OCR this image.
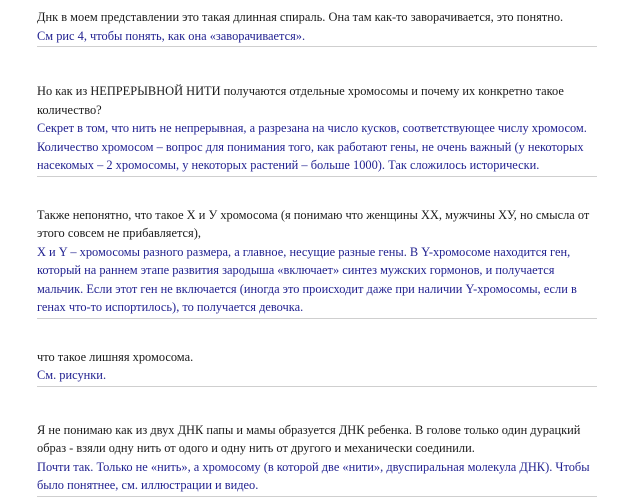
Днк в моем представлении это такая длинная спираль. Она там как-то заворачивается, это понятно.

См рис 4, чтобы понять, как она «заворачивается».

Но как из НЕПРЕРЫВНОЙ НИТИ получаются отдельные хромосомы и почему их конкретно такое количество?

Секрет в том, что нить не непрерывная, а разрезана на число кусков, соответствующее числу хромосом. Количество хромосом – вопрос для понимания того, как работают гены, не очень важный (у некоторых насекомых – 2 хромосомы, у некоторых растений – больше 1000). Так сложилось исторически.

Также непонятно, что такое Х и У хромосома (я понимаю что женщины ХХ, мужчины ХУ, но смысла от этого совсем не прибавляется),

X и Y – хромосомы разного размера, а главное, несущие разные гены. В Y-хромосоме находится ген, который на раннем этапе развития зародыша «включает» синтез мужских гормонов, и получается мальчик. Если этот ген не включается (иногда это происходит даже при наличии Y-хромосомы, если в генах что-то испортилось), то получается девочка.

что такое лишняя хромосома.

См. рисунки.

Я не понимаю как из двух ДНК папы и мамы образуется ДНК ребенка. В голове только один дурацкий образ - взяли одну нить от одого и одну нить от другого и механически соединили.

Почти так. Только не «нить», а хромосому (в которой две «нити», двуспиральная молекула ДНК). Чтобы было понятнее, см. иллюстрации и видео.
